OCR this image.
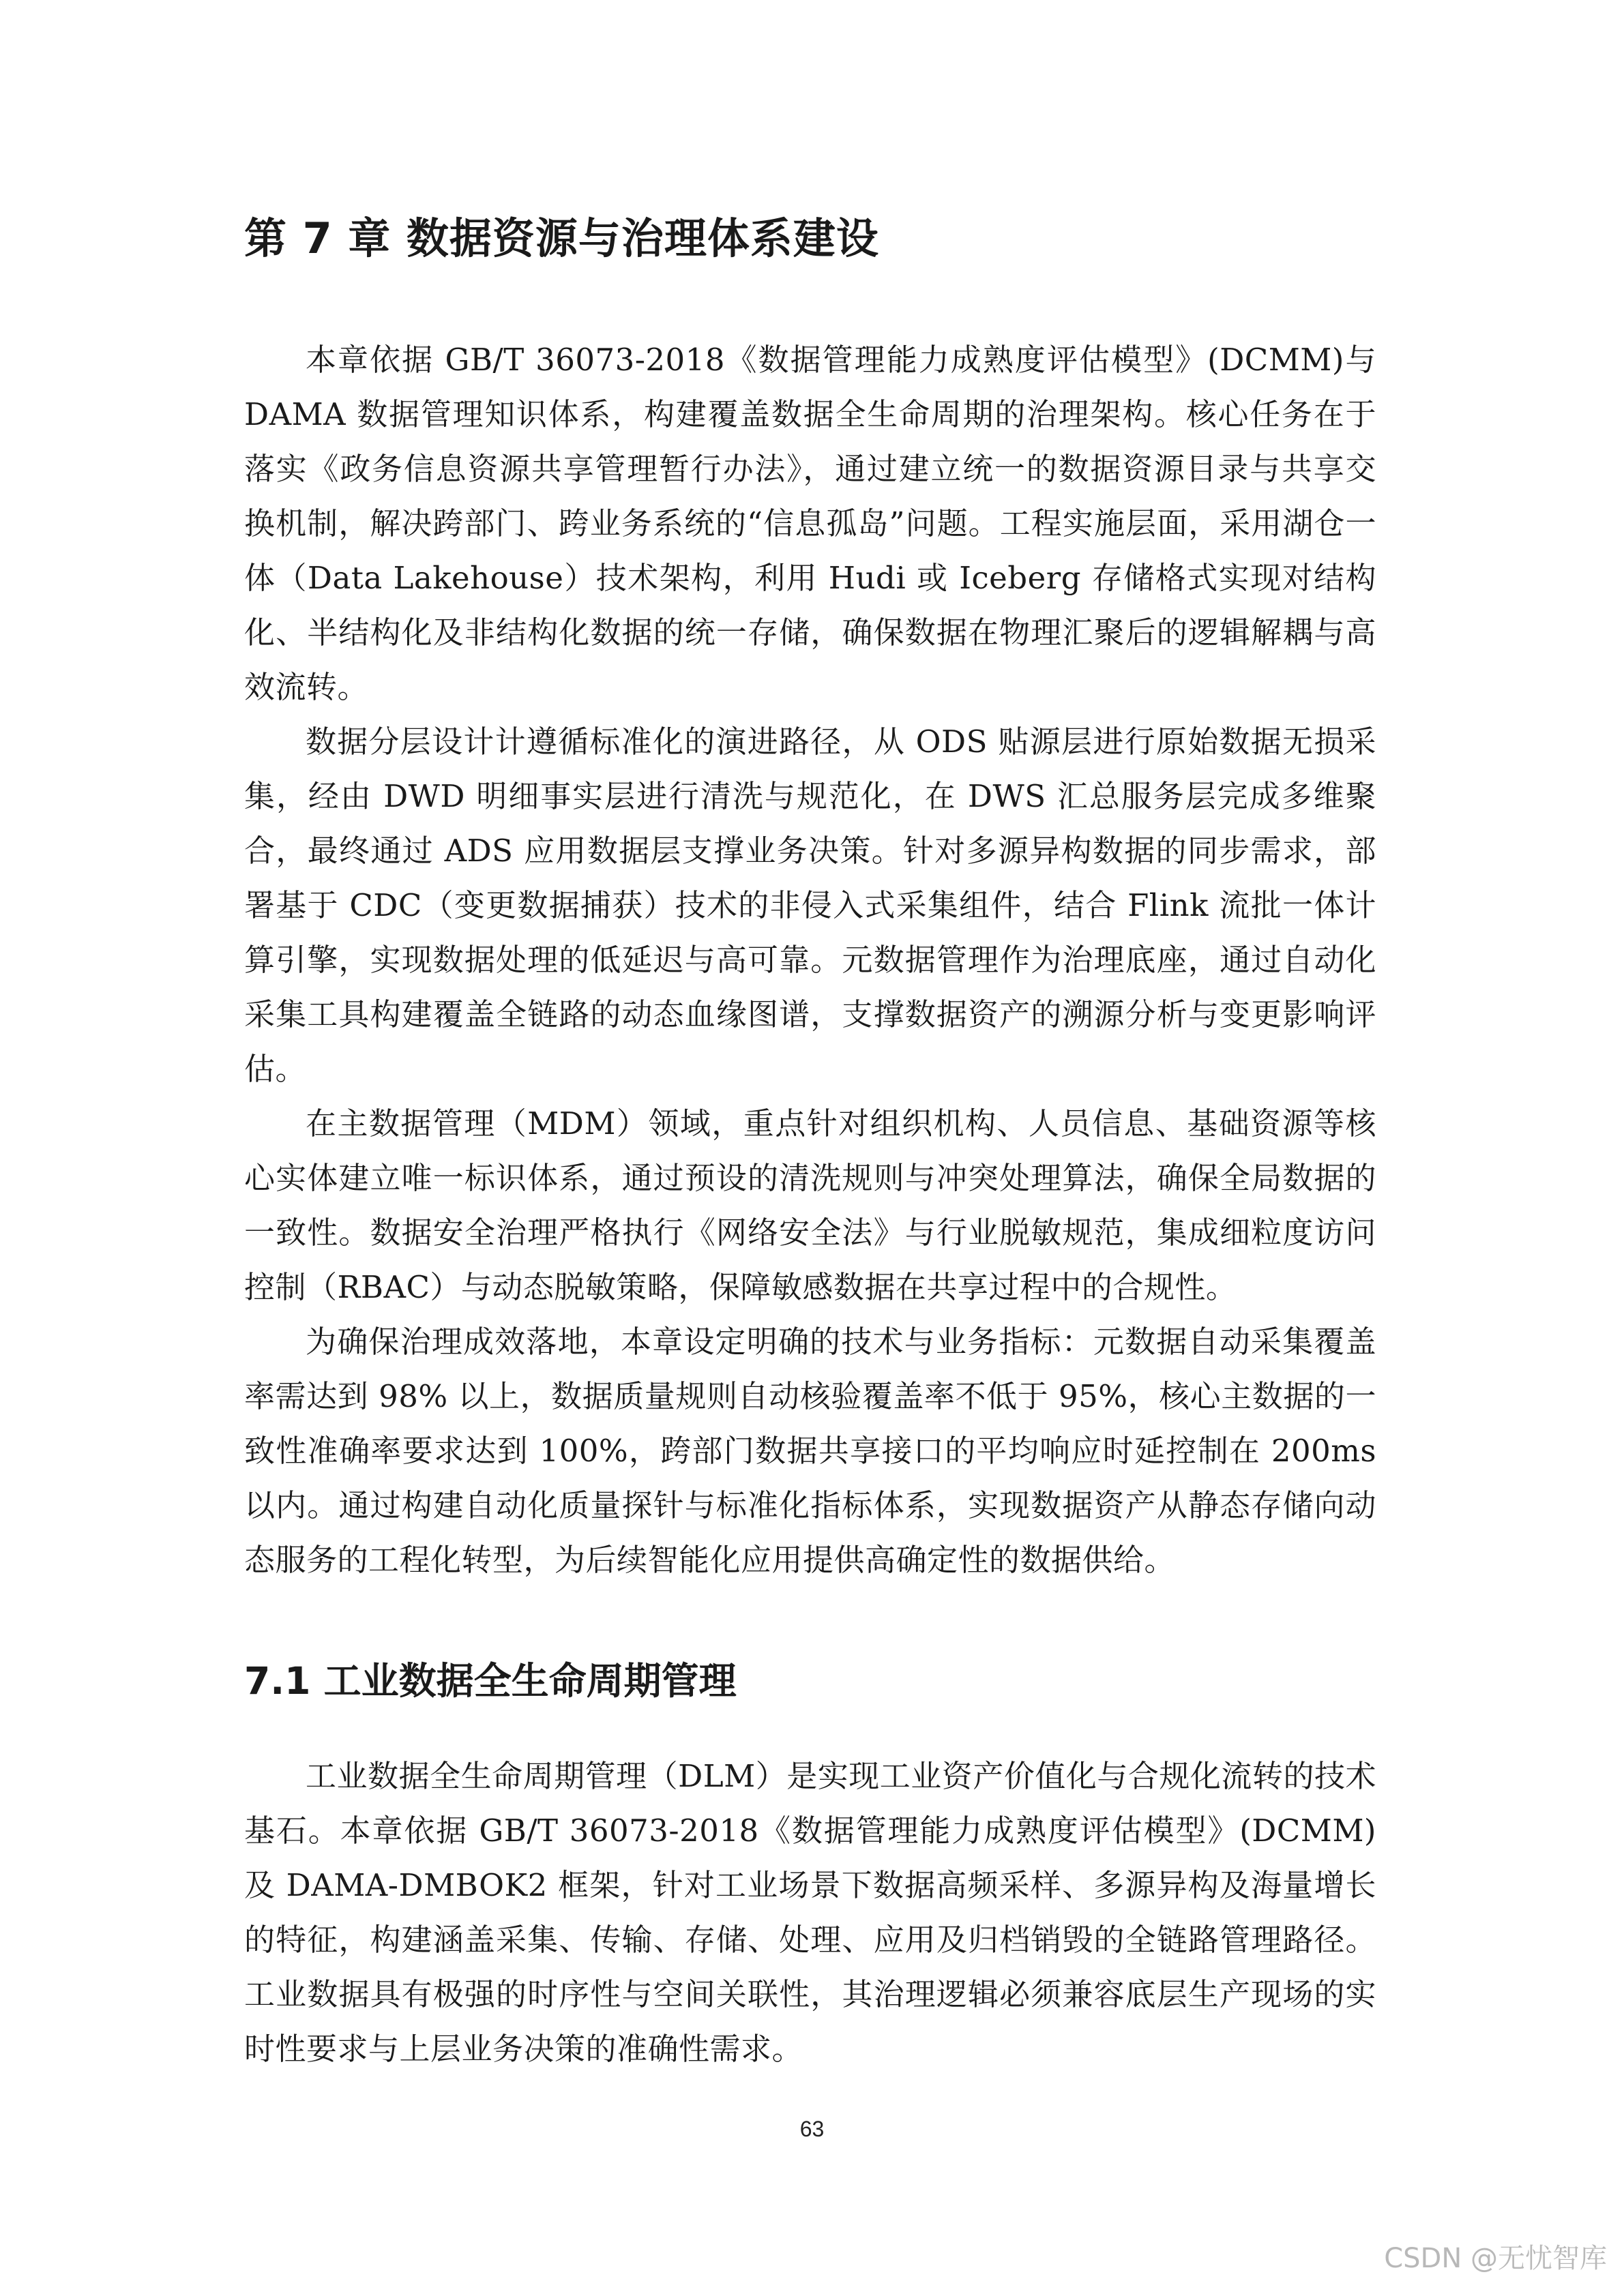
第 7 章 数据资源与治理体系建设

本章依据 GB/T 36073-2018《数据管理能力成熟度评估模型》(DCMM)与 DAMA 数据管理知识体系，构建覆盖数据全生命周期的治理架构。核心任务在于落实《政务信息资源共享管理暂行办法》，通过建立统一的数据资源目录与共享交换机制，解决跨部门、跨业务系统的“信息孤岛”问题。工程实施层面，采用湖仓一体（Data Lakehouse）技术架构，利用 Hudi 或 Iceberg 存储格式实现对结构化、半结构化及非结构化数据的统一存储，确保数据在物理汇聚后的逻辑解耦与高效流转。

数据分层设计计遵循标准化的演进路径，从 ODS 贴源层进行原始数据无损采集，经由 DWD 明细事实层进行清洗与规范化，在 DWS 汇总服务层完成多维聚合，最终通过 ADS 应用数据层支撑业务决策。针对多源异构数据的同步需求，部署基于 CDC（变更数据捕获）技术的非侵入式采集组件，结合 Flink 流批一体计算引擎，实现数据处理的低延迟与高可靠。元数据管理作为治理底座，通过自动化采集工具构建覆盖全链路的动态血缘图谱，支撑数据资产的溯源分析与变更影响评估。

在主数据管理（MDM）领域，重点针对组织机构、人员信息、基础资源等核心实体建立唯一标识体系，通过预设的清洗规则与冲突处理算法，确保全局数据的一致性。数据安全治理严格执行《网络安全法》与行业脱敏规范，集成细粒度访问控制（RBAC）与动态脱敏策略，保障敏感数据在共享过程中的合规性。

为确保治理成效落地，本章设定明确的技术与业务指标：元数据自动采集覆盖率需达到 98% 以上，数据质量规则自动核验覆盖率不低于 95%，核心主数据的一致性准确率要求达到 100%，跨部门数据共享接口的平均响应时延控制在 200ms 以内。通过构建自动化质量探针与标准化指标体系，实现数据资产从静态存储向动态服务的工程化转型，为后续智能化应用提供高确定性的数据供给。

7.1 工业数据全生命周期管理

工业数据全生命周期管理（DLM）是实现工业资产价值化与合规化流转的技术基石。本章依据 GB/T 36073-2018《数据管理能力成熟度评估模型》(DCMM)及 DAMA-DMBOK2 框架，针对工业场景下数据高频采样、多源异构及海量增长的特征，构建涵盖采集、传输、存储、处理、应用及归档销毁的全链路管理路径。工业数据具有极强的时序性与空间关联性，其治理逻辑必须兼容底层生产现场的实时性要求与上层业务决策的准确性需求。

63
CSDN @无忧智库
